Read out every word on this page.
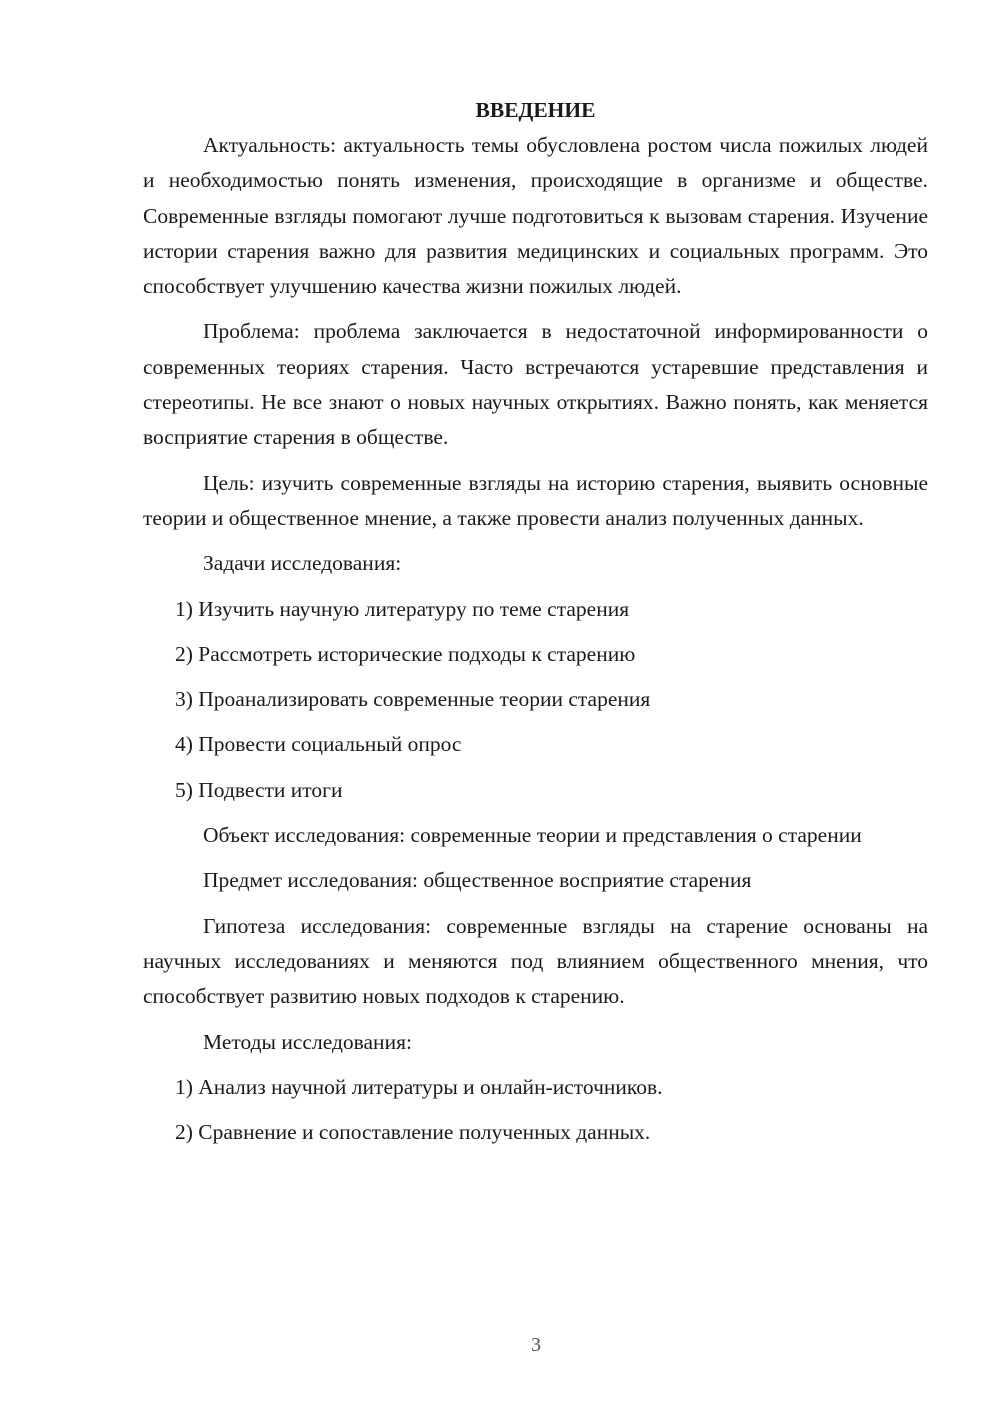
ВВЕДЕНИЕ

Актуальность: актуальность темы обусловлена ростом числа пожилых людей и необходимостью понять изменения, происходящие в организме и обществе. Современные взгляды помогают лучше подготовиться к вызовам старения. Изучение истории старения важно для развития медицинских и социальных программ. Это способствует улучшению качества жизни пожилых людей.

Проблема: проблема заключается в недостаточной информированности о современных теориях старения. Часто встречаются устаревшие представления и стереотипы. Не все знают о новых научных открытиях. Важно понять, как меняется восприятие старения в обществе.

Цель: изучить современные взгляды на историю старения, выявить основные теории и общественное мнение, а также провести анализ полученных данных.

Задачи исследования:

1) Изучить научную литературу по теме старения

2) Рассмотреть исторические подходы к старению

3) Проанализировать современные теории старения

4) Провести социальный опрос

5) Подвести итоги

Объект исследования: современные теории и представления о старении

Предмет исследования: общественное восприятие старения

Гипотеза исследования: современные взгляды на старение основаны на научных исследованиях и меняются под влиянием общественного мнения, что способствует развитию новых подходов к старению.

Методы исследования:

1) Анализ научной литературы и онлайн-источников.

2) Сравнение и сопоставление полученных данных.

3
